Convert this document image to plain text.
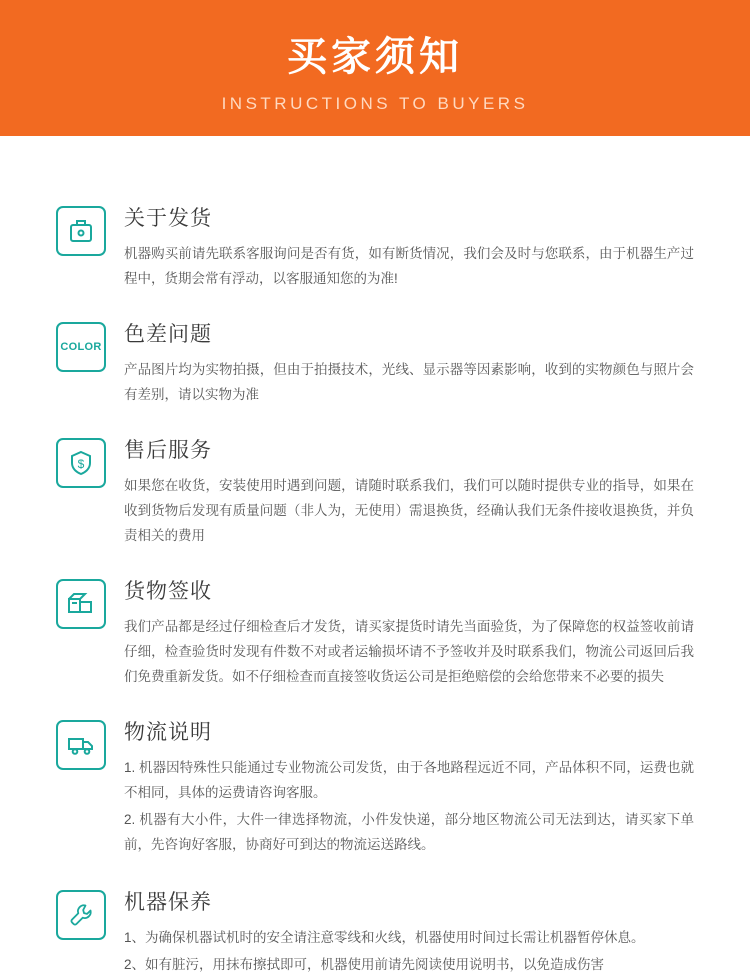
买家须知
INSTRUCTIONS TO BUYERS
关于发货

机器购买前请先联系客服询问是否有货，如有断货情况，我们会及时与您联系，由于机器生产过程中，货期会常有浮动，以客服通知您的为准!

COLOR
色差问题

产品图片均为实物拍摄，但由于拍摄技术，光线、显示器等因素影响，收到的实物颜色与照片会有差别，请以实物为准

$
售后服务

如果您在收货，安装使用时遇到问题，请随时联系我们，我们可以随时提供专业的指导，如果在收到货物后发现有质量问题（非人为，无使用）需退换货，经确认我们无条件接收退换货，并负责相关的费用

货物签收

我们产品都是经过仔细检查后才发货，请买家提货时请先当面验货，为了保障您的权益签收前请仔细，检查验货时发现有件数不对或者运输损坏请不予签收并及时联系我们，物流公司返回后我们免费重新发货。如不仔细检查而直接签收货运公司是拒绝赔偿的会给您带来不必要的损失

物流说明
1. 机器因特殊性只能通过专业物流公司发货，由于各地路程远近不同，产品体积不同，运费也就不相同，具体的运费请咨询客服。
2. 机器有大小件，大件一律选择物流，小件发快递，部分地区物流公司无法到达，请买家下单前，先咨询好客服，协商好可到达的物流运送路线。
机器保养
1、为确保机器试机时的安全请注意零线和火线，机器使用时间过长需让机器暂停休息。
2、如有脏污，用抹布擦拭即可，机器使用前请先阅读使用说明书，以免造成伤害
